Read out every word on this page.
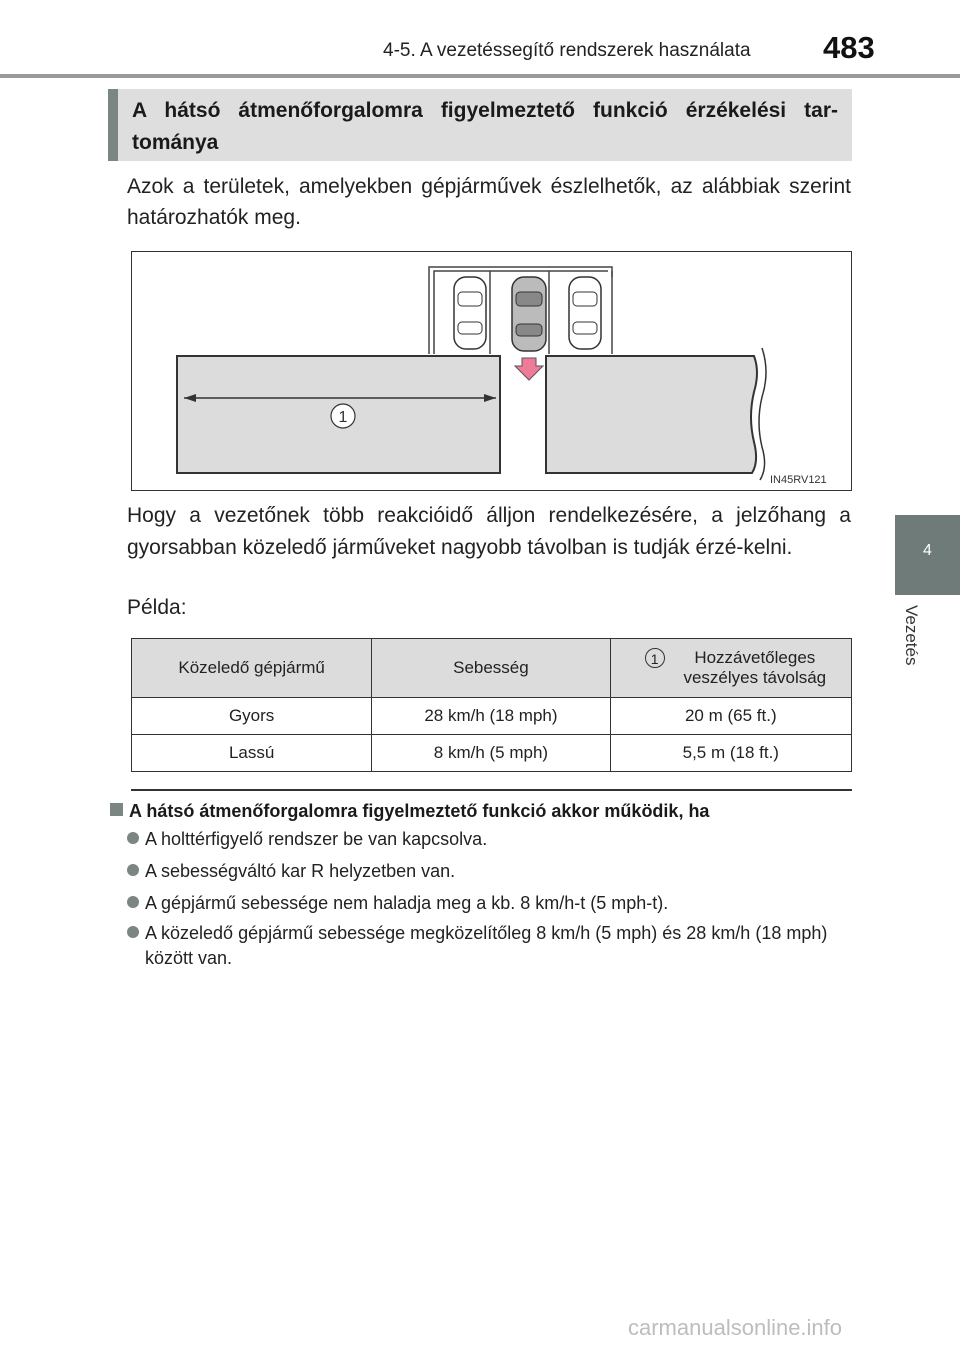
4-5. A vezetéssegítő rendszerek használata 483
4
Vezetés
A hátsó átmenőforgalomra figyelmeztető funkció érzékelési tar-tománya
Azok a területek, amelyekben gépjárművek észlelhetők, az alábbiak szerint határozhatók meg.
1
IN45RV121
Hogy a vezetőnek több reakcióidő álljon rendelkezésére, a jelzőhang a gyorsabban közeledő járműveket nagyobb távolban is tudják érzé-kelni.
Példa:
Közeledő gépjármű	Sebesség	1 Hozzávetőleges veszélyes távolság

Gyors	28 km/h (18 mph)	20 m (65 ft.)
Lassú	8 km/h (5 mph)	5,5 m (18 ft.)
A hátsó átmenőforgalomra figyelmeztető funkció akkor működik, ha
A holttérfigyelő rendszer be van kapcsolva.
A sebességváltó kar R helyzetben van.
A gépjármű sebessége nem haladja meg a kb. 8 km/h-t (5 mph-t).
A közeledő gépjármű sebessége megközelítőleg 8 km/h (5 mph) és 28 km/h (18 mph) között van.
carmanualsonline.info
